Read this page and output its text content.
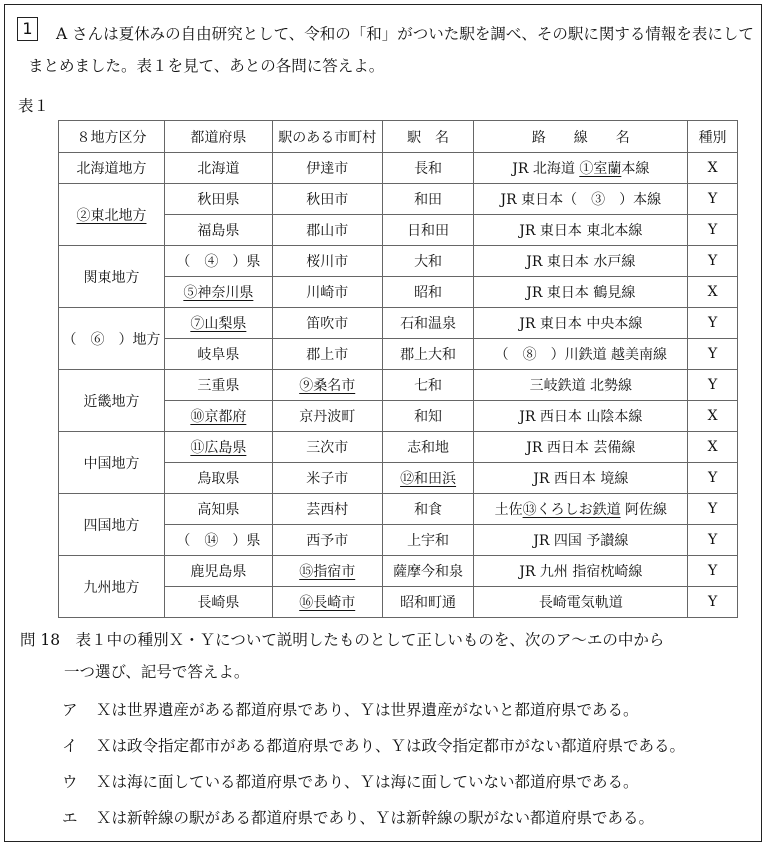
1	A さんは夏休みの自由研究として、令和の「和」がついた駅を調べ、その駅に関する情報を表にしてまとめました。表１を見て、あとの各問に答えよ。
表１
８地方区分	都道府県	駅のある市町村	駅　名	路　　線　　名	種別
北海道地方	北海道	伊達市	長和	JR 北海道 ①室蘭本線	X
②東北地方	秋田県	秋田市	和田	JR 東日本（　③　）本線	Y
	福島県	郡山市	日和田	JR 東日本 東北本線	Y
関東地方	（　④　）県	桜川市	大和	JR 東日本 水戸線	Y
	⑤神奈川県	川崎市	昭和	JR 東日本 鶴見線	X
（　⑥　）地方	⑦山梨県	笛吹市	石和温泉	JR 東日本 中央本線	Y
	岐阜県	郡上市	郡上大和	（　⑧　）川鉄道 越美南線	Y
近畿地方	三重県	⑨桑名市	七和	三岐鉄道 北勢線	Y
	⑩京都府	京丹波町	和知	JR 西日本 山陰本線	X
中国地方	⑪広島県	三次市	志和地	JR 西日本 芸備線	X
	鳥取県	米子市	⑫和田浜	JR 西日本 境線	Y
四国地方	高知県	芸西村	和食	土佐⑬くろしお鉄道 阿佐線	Y
	（　⑭　）県	西予市	上宇和	JR 四国 予讃線	Y
九州地方	鹿児島県	⑮指宿市	薩摩今和泉	JR 九州 指宿枕崎線	Y
	長崎県	⑯長崎市	昭和町通	長崎電気軌道	Y

問 18　 表１中の種別Ｘ・Ｙについて説明したものとして正しいものを、次のア～エの中から

一つ選び、記号で答えよ。

ア Ｘは世界遺産がある都道府県であり、Ｙは世界遺産がないと都道府県である。
イ Ｘは政令指定都市がある都道府県であり、Ｙは政令指定都市がない都道府県である。
ウ Ｘは海に面している都道府県であり、Ｙは海に面していない都道府県である。
エ Ｘは新幹線の駅がある都道府県であり、Ｙは新幹線の駅がない都道府県である。
